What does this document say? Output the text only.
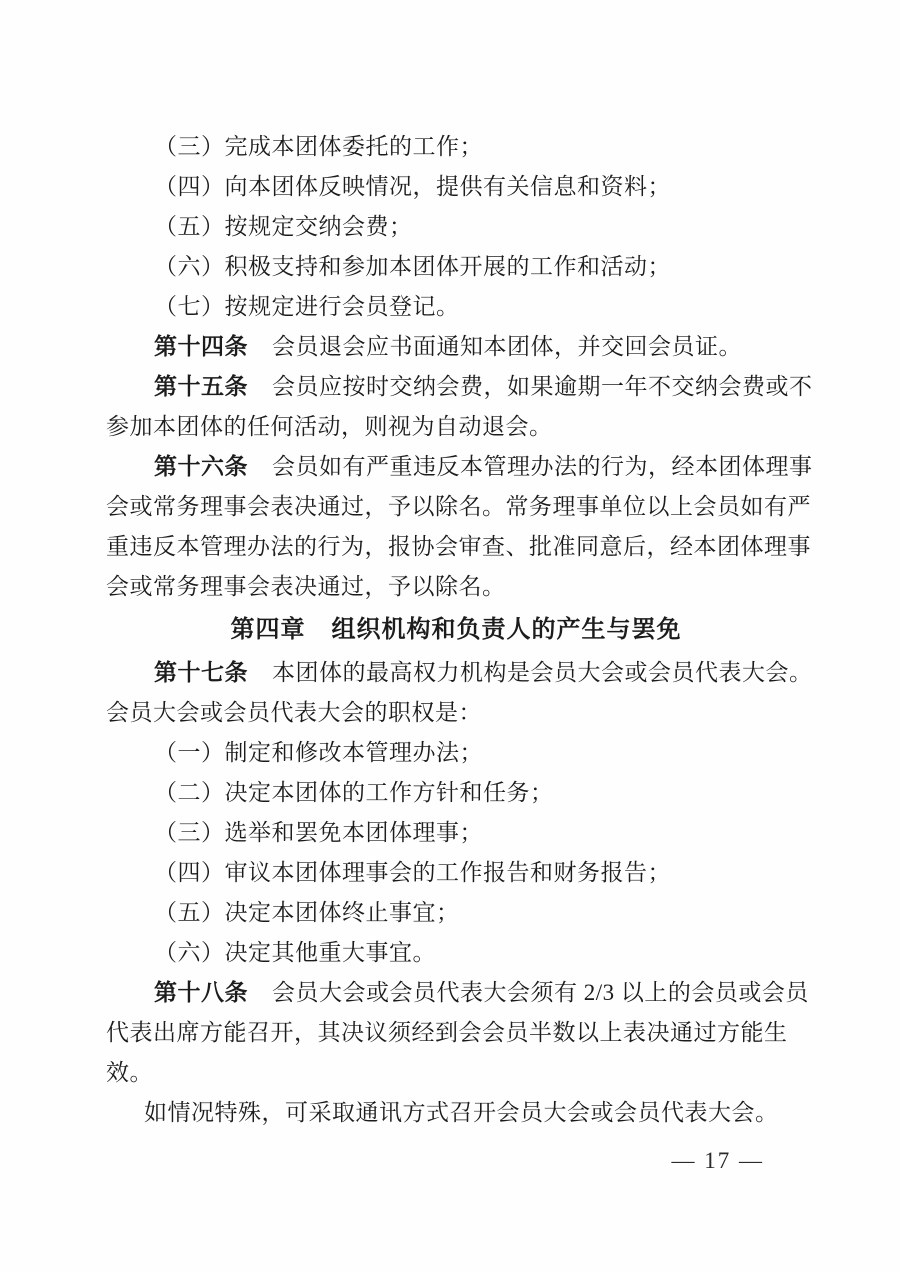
（三）完成本团体委托的工作；
（四）向本团体反映情况，提供有关信息和资料；
（五）按规定交纳会费；
（六）积极支持和参加本团体开展的工作和活动；
（七）按规定进行会员登记。
第十四条 会员退会应书面通知本团体，并交回会员证。
第十五条 会员应按时交纳会费，如果逾期一年不交纳会费或不
参加本团体的任何活动，则视为自动退会。
第十六条 会员如有严重违反本管理办法的行为，经本团体理事
会或常务理事会表决通过，予以除名。常务理事单位以上会员如有严
重违反本管理办法的行为，报协会审查、批准同意后，经本团体理事
会或常务理事会表决通过，予以除名。
第四章 组织机构和负责人的产生与罢免
第十七条 本团体的最高权力机构是会员大会或会员代表大会。
会员大会或会员代表大会的职权是：
（一）制定和修改本管理办法；
（二）决定本团体的工作方针和任务；
（三）选举和罢免本团体理事；
（四）审议本团体理事会的工作报告和财务报告；
（五）决定本团体终止事宜；
（六）决定其他重大事宜。
第十八条 会员大会或会员代表大会须有 2/3 以上的会员或会员
代表出席方能召开，其决议须经到会会员半数以上表决通过方能生
效。
如情况特殊，可采取通讯方式召开会员大会或会员代表大会。
— 17 —
